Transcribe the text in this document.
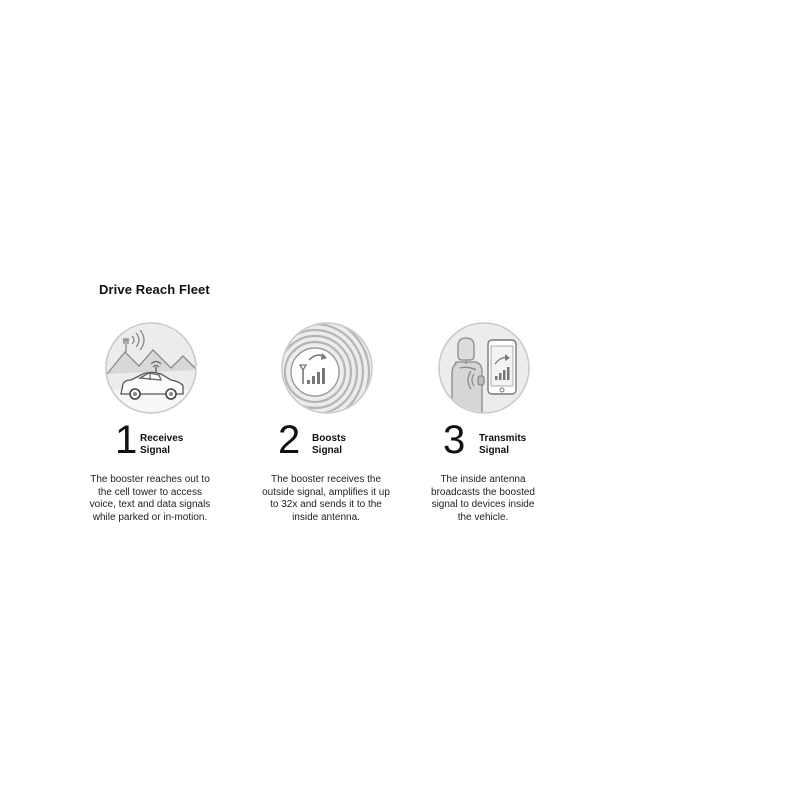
Drive Reach Fleet
1 Receives
Signal
The booster reaches out to
the cell tower to access
voice, text and data signals
while parked or in-motion.
2 Boosts
Signal
The booster receives the
outside signal, amplifies it up
to 32x and sends it to the
inside antenna.
3 Transmits
Signal
The inside antenna
broadcasts the boosted
signal to devices inside
the vehicle.
